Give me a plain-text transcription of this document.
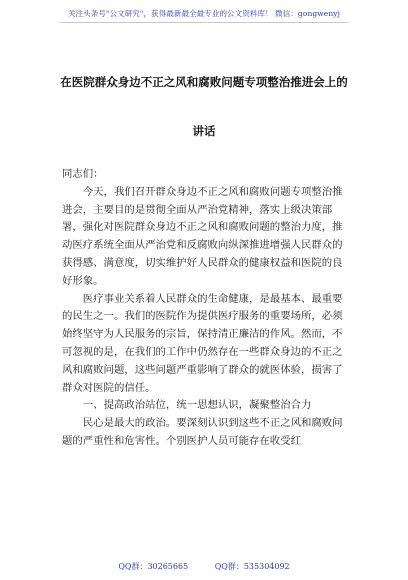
关注头条号"公文研究"，获得最新最全最专业的公文资料库！ 微信：gongwenyj
在医院群众身边不正之风和腐败问题专项整治推进会上的
讲话

同志们：

今天，我们召开群众身边不正之风和腐败问题专项整治推进会，主要目的是贯彻全面从严治党精神，落实上级决策部署，强化对医院群众身边不正之风和腐败问题的整治力度，推动医疗系统全面从严治党和反腐败向纵深推进增强人民群众的获得感、满意度，切实维护好人民群众的健康权益和医院的良好形象。

医疗事业关系着人民群众的生命健康，是最基本、最重要的民生之一。我们的医院作为提供医疗服务的重要场所，必须始终坚守为人民服务的宗旨，保持清正廉洁的作风。然而，不可忽视的是，在我们的工作中仍然存在一些群众身边的不正之风和腐败问题，这些问题严重影响了群众的就医体验，损害了群众对医院的信任。

一、提高政治站位，统一思想认识，凝聚整治合力

民心是最大的政治。要深刻认识到这些不正之风和腐败问题的严重性和危害性。个别医护人员可能存在收受红

QQ群：30265665	QQ群：535304092
